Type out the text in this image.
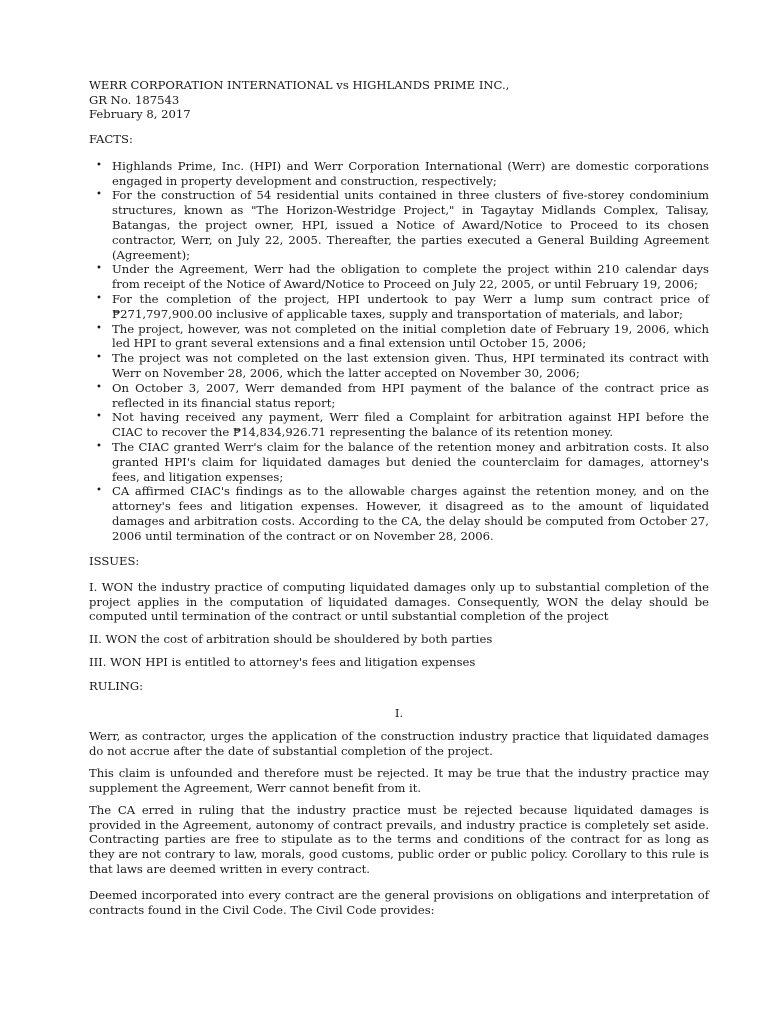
WERR CORPORATION INTERNATIONAL vs HIGHLANDS PRIME INC.,
GR No. 187543
February 8, 2017
FACTS:
• Highlands Prime, Inc. (HPI) and Werr Corporation International (Werr) are domestic corporations engaged in property development and construction, respectively;
• For the construction of 54 residential units contained in three clusters of five-storey condominium structures, known as "The Horizon-Westridge Project," in Tagaytay Midlands Complex, Talisay, Batangas, the project owner, HPI, issued a Notice of Award/Notice to Proceed to its chosen contractor, Werr, on July 22, 2005. Thereafter, the parties executed a General Building Agreement (Agreement);
• Under the Agreement, Werr had the obligation to complete the project within 210 calendar days from receipt of the Notice of Award/Notice to Proceed on July 22, 2005, or until February 19, 2006;
• For the completion of the project, HPI undertook to pay Werr a lump sum contract price of ₱271,797,900.00 inclusive of applicable taxes, supply and transportation of materials, and labor;
• The project, however, was not completed on the initial completion date of February 19, 2006, which led HPI to grant several extensions and a final extension until October 15, 2006;
• The project was not completed on the last extension given. Thus, HPI terminated its contract with Werr on November 28, 2006, which the latter accepted on November 30, 2006;
• On October 3, 2007, Werr demanded from HPI payment of the balance of the contract price as reflected in its financial status report;
• Not having received any payment, Werr filed a Complaint for arbitration against HPI before the CIAC to recover the ₱14,834,926.71 representing the balance of its retention money.
• The CIAC granted Werr's claim for the balance of the retention money and arbitration costs. It also granted HPI's claim for liquidated damages but denied the counterclaim for damages, attorney's fees, and litigation expenses;
• CA affirmed CIAC's findings as to the allowable charges against the retention money, and on the attorney's fees and litigation expenses. However, it disagreed as to the amount of liquidated damages and arbitration costs. According to the CA, the delay should be computed from October 27, 2006 until termination of the contract or on November 28, 2006.
ISSUES:

I. WON the industry practice of computing liquidated damages only up to substantial completion of the project applies in the computation of liquidated damages. Consequently, WON the delay should be computed until termination of the contract or until substantial completion of the project

II. WON the cost of arbitration should be shouldered by both parties

III. WON HPI is entitled to attorney's fees and litigation expenses

RULING:
I.

Werr, as contractor, urges the application of the construction industry practice that liquidated damages do not accrue after the date of substantial completion of the project.

This claim is unfounded and therefore must be rejected. It may be true that the industry practice may supplement the Agreement, Werr cannot benefit from it.

The CA erred in ruling that the industry practice must be rejected because liquidated damages is provided in the Agreement, autonomy of contract prevails, and industry practice is completely set aside. Contracting parties are free to stipulate as to the terms and conditions of the contract for as long as they are not contrary to law, morals, good customs, public order or public policy. Corollary to this rule is that laws are deemed written in every contract.

Deemed incorporated into every contract are the general provisions on obligations and interpretation of contracts found in the Civil Code. The Civil Code provides:
